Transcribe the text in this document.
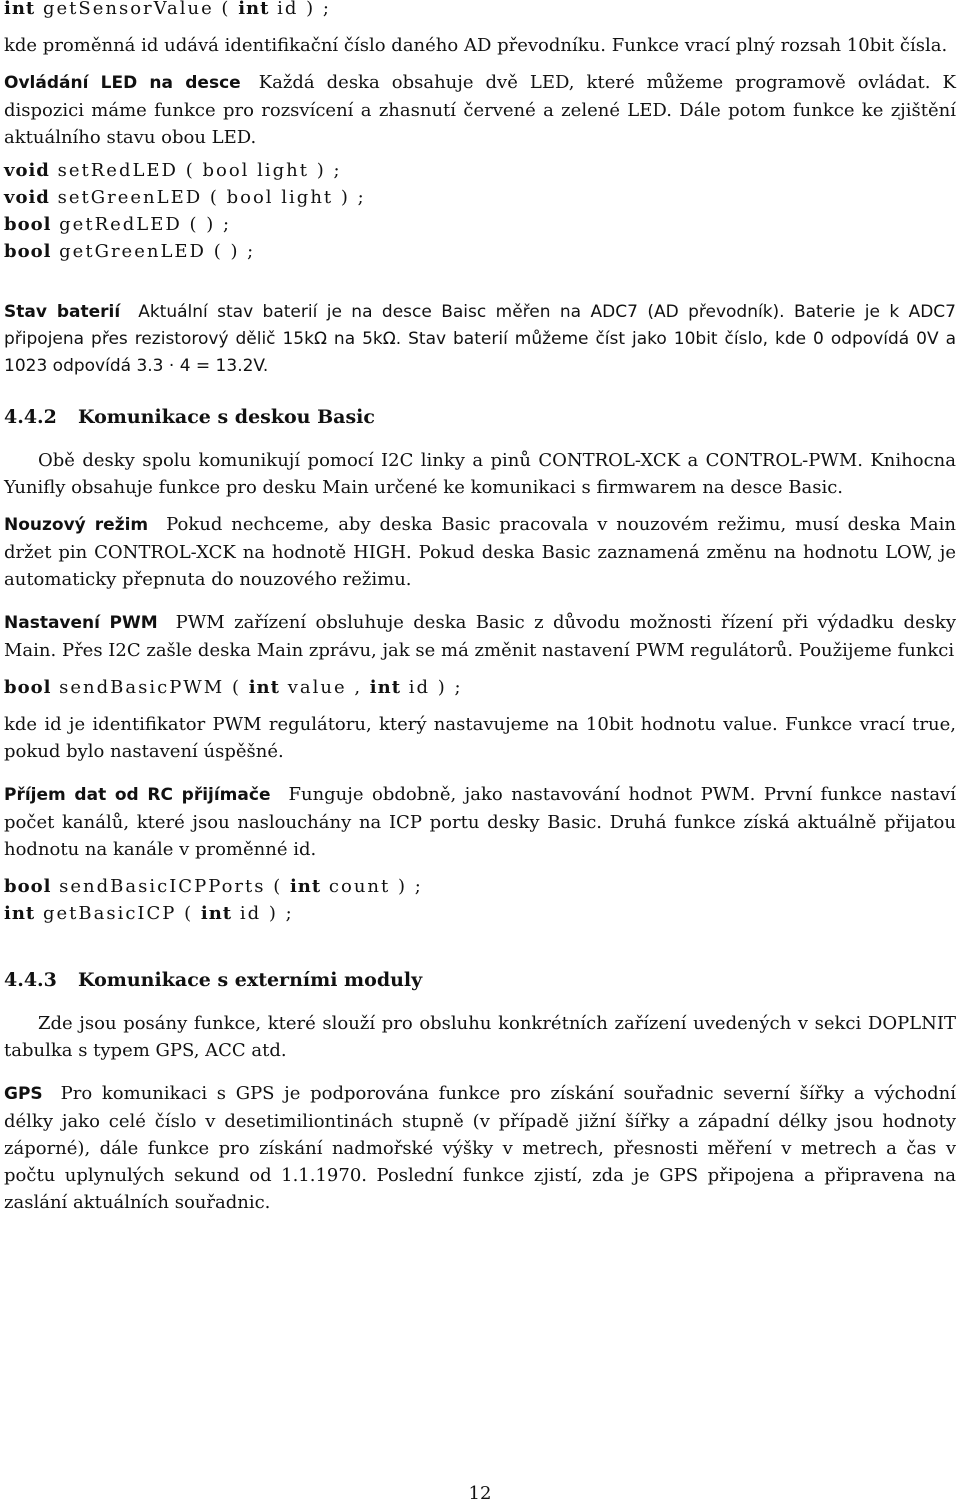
int getSensorValue ( int id ) ;

kde proměnná id udává identifikační číslo daného AD převodníku. Funkce vrací plný rozsah 10bit čísla.

Ovládání LED na desce Každá deska obsahuje dvě LED, které můžeme programově ovládat. K dispozici máme funkce pro rozsvícení a zhasnutí červené a zelené LED. Dále potom funkce ke zjištění aktuálního stavu obou LED.

void setRedLED ( bool light ) ;
void setGreenLED ( bool light ) ;
bool getRedLED ( ) ;
bool getGreenLED ( ) ;

Stav baterií Aktuální stav baterií je na desce Baisc měřen na ADC7 (AD převodník). Baterie je k ADC7 připojena přes rezistorový dělič 15kΩ na 5kΩ. Stav baterií můžeme číst jako 10bit číslo, kde 0 odpovídá 0V a 1023 odpovídá 3.3 · 4 = 13.2V.

4.4.2 Komunikace s deskou Basic

Obě desky spolu komunikují pomocí I2C linky a pinů CONTROL-XCK a CONTROL-PWM. Knihocna Yunifly obsahuje funkce pro desku Main určené ke komunikaci s firmwarem na desce Basic.

Nouzový režim Pokud nechceme, aby deska Basic pracovala v nouzovém režimu, musí deska Main držet pin CONTROL-XCK na hodnotě HIGH. Pokud deska Basic zaznamená změnu na hodnotu LOW, je automaticky přepnuta do nouzového režimu.

Nastavení PWM PWM zařízení obsluhuje deska Basic z důvodu možnosti řízení při výdadku desky Main. Přes I2C zašle deska Main zprávu, jak se má změnit nastavení PWM regulátorů. Použijeme funkci

bool sendBasicPWM ( int value , int id ) ;

kde id je identifikator PWM regulátoru, který nastavujeme na 10bit hodnotu value. Funkce vrací true, pokud bylo nastavení úspěšné.

Příjem dat od RC přijímače Funguje obdobně, jako nastavování hodnot PWM. První funkce nastaví počet kanálů, které jsou naslouchány na ICP portu desky Basic. Druhá funkce získá aktuálně přijatou hodnotu na kanále v proměnné id.

bool sendBasicICPPorts ( int count ) ;
int getBasicICP ( int id ) ;
4.4.3 Komunikace s externími moduly

Zde jsou posány funkce, které slouží pro obsluhu konkrétních zařízení uvedených v sekci DOPLNIT tabulka s typem GPS, ACC atd.

GPS Pro komunikaci s GPS je podporována funkce pro získání souřadnic severní šířky a východní délky jako celé číslo v desetimiliontinách stupně (v případě jižní šířky a západní délky jsou hodnoty záporné), dále funkce pro získání nadmořské výšky v metrech, přesnosti měření v metrech a čas v počtu uplynulých sekund od 1.1.1970. Poslední funkce zjistí, zda je GPS připojena a připravena na zaslání aktuálních souřadnic.

12
